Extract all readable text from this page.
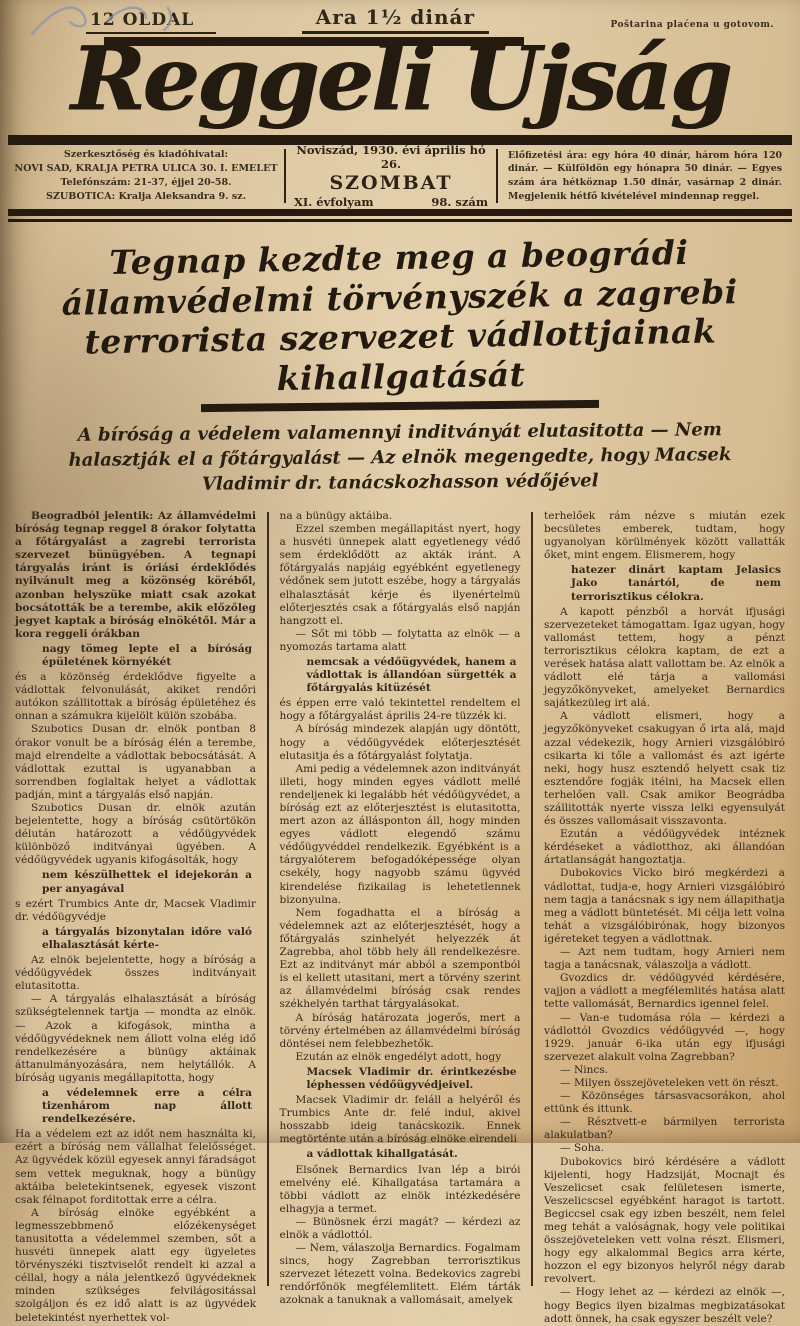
12 OLDAL	Ara 1½ dinár	Poštarina plaćena u gotovom.
Reggeli Ujság
Szerkesztőség és kiadóhivatal:
NOVI SAD, KRALJA PETRA ULICA 30. I. EMELET
Telefónszám: 21-37, éjjel 20-58.
SZUBOTICA: Kralja Aleksandra 9. sz.
Noviszád, 1930. évi április hó 26.
SZOMBAT
XI. évfolyam	98. szám
Előfizetési ára: egy hóra 40 dinár, három hóra 120 dinár. — Külföldön egy hónapra 50 dinár. — Egyes szám ára hétköznap 1.50 dinár, vasárnap 2 dinár. Megjelenik hétfő kivételével mindennap reggel.
Tegnap kezdte meg a beográdi államvédelmi törvényszék a zagrebi terrorista szervezet vádlottjainak kihallgatását
A bíróság a védelem valamennyi inditványát elutasitotta — Nem halasztják el a főtárgyalást — Az elnök megengedte, hogy Macsek Vladimir dr. tanácskozhasson védőjével

Beogradból jelentik: Az államvédelmi bíróság tegnap reggel 8 órakor folytatta a főtárgyalást a zagrebi terrorista szervezet bünügyében. A tegnapi tárgyalás iránt is óriási érdeklődés nyilvánult meg a közönség köréből, azonban helyszüke miatt csak azokat bocsátották be a terembe, akik előzőleg jegyet kaptak a bíróság elnökétől. Már a kora reggeli órákban

nagy tömeg lepte el a bíróság épületének környékét

és a közönség érdeklődve figyelte a vádlottak felvonulását, akiket rendőri autókon szállitottak a bíróság épületéhez és onnan a számukra kijelölt külön szobába.

Szubotics Dusan dr. elnök pontban 8 órakor vonult be a bíróság élén a terembe, majd elrendelte a vádlottak bebocsátását. A vádlottak ezuttal is ugyanabban a sorrendben foglaltak helyet a vádlottak padján, mint a tárgyalás első napján.

Szubotics Dusan dr. elnök azután bejelentette, hogy a bíróság csütörtökön délután határozott a védőügyvédek különböző inditványai ügyében. A védőügyvédek ugyanis kifogásolták, hogy

nem készülhettek el idejekorán a per anyagával

s ezért Trumbics Ante dr, Macsek Vladimir dr. védőügyvédje

a tárgyalás bizonytalan időre való elhalasztását kérte-

Az elnök bejelentette, hogy a bíróság a védőügyvédek összes inditványait elutasitotta.

— A tárgyalás elhalasztását a bíróság szükségtelennek tartja — mondta az elnök. — Azok a kifogások, mintha a védőügyvédeknek nem állott volna elég idő rendelkezésére a bünügy aktáinak áttanulmányozására, nem helytállók. A bíróság ugyanis megállapitotta, hogy

a védelemnek erre a célra tizenhárom nap állott rendelkezésére.

Ha a védelem ezt az időt nem használta ki, ezért a bíróság nem vállalhat felelősséget. Az ügyvédek közül egyesek annyi fáradságot sem vettek meguknak, hogy a bünügy aktáiba beletekintsenek, egyesek viszont csak félnapot forditottak erre a célra.

A bíróság elnöke egyébként a legmesszebbmenő előzékenységet tanusitotta a védelemmel szemben, sőt a husvéti ünnepek alatt egy ügyeletes törvényszéki tisztviselőt rendelt ki azzal a céllal, hogy a nála jelentkező ügyvédeknek minden szükséges felvilágositással szolgáljon és ez idő alatt is az ügyvédek beletekintést nyerhettek vol-

na a bünügy aktáiba.

Ezzel szemben megállapitást nyert, hogy a husvéti ünnepek alatt egyetlenegy védő sem érdeklődött az akták iránt. A főtárgyalás napjáig egyébként egyetlenegy védőnek sem jutott eszébe, hogy a tárgyalás elhalasztását kérje és ilyenértelmü előterjesztés csak a főtárgyalás első napján hangzott el.

— Sőt mi több — folytatta az elnök — a nyomozás tartama alatt

nemcsak a védőügyvédek, hanem a vádlottak is állandóan sürgették a főtárgyalás kitüzését

és éppen erre való tekintettel rendeltem el hogy a főtárgyalást április 24-re tüzzék ki.

A bíróság mindezek alapján ugy döntött, hogy a védőügyvédek előterjesztését elutasitja és a főtárgyalást folytatja.

Ami pedig a védelemnek azon inditványát illeti, hogy minden egyes vádlott mellé rendeljenek ki legalább hét védőügyvédet, a bíróság ezt az előterjesztést is elutasitotta, mert azon az állásponton áll, hogy minden egyes vádlott elegendő számu védőügyvéddel rendelkezik. Egyébként is a tárgyalóterem befogadóképessége olyan csekély, hogy nagyobb számu ügyvéd kirendelése fizikailag is lehetetlennek bizonyulna.

Nem fogadhatta el a bíróság a védelemnek azt az előterjesztését, hogy a főtárgyalás szinhelyét helyezzék át Zagrebba, ahol több hely áll rendelkezésre. Ezt az inditványt már abból a szempontból is el kellett utasitani, mert a törvény szerint az államvédelmi bíróság csak rendes székhelyén tarthat tárgyalásokat.

A bíróság határozata jogerős, mert a törvény értelmében az államvédelmi bíróság döntései nem felebbezhetők.

Ezután az elnök engedélyt adott, hogy

Macsek Vladimir dr. érintkezésbe léphessen védőügyvédjeivel.

Macsek Vladimir dr. feláll a helyéről és Trumbics Ante dr. felé indul, akivel hosszabb ideig tanácskozik. Ennek megtörténte után a bíróság elnöke elrendeli

a vádlottak kihallgatását.

Elsőnek Bernardics Ivan lép a birói emelvény elé. Kihallgatása tartamára a többi vádlott az elnök intézkedésére elhagyja a termet.

— Bünösnek érzi magát? — kérdezi az elnök a vádlottól.

— Nem, válaszolja Bernardics. Fogalmam sincs, hogy Zagrebban terrorisztikus szervezet létezett volna. Bedekovics zagrebi rendőrfőnök megfélemlitett. Elém tárták azoknak a tanuknak a vallomásait, amelyek

terhelőek rám nézve s miután ezek becsületes emberek, tudtam, hogy ugyanolyan körülmények között vallatták őket, mint engem. Elismerem, hogy

hatezer dinárt kaptam Jelasics Jako tanártól, de nem terrorisztikus célokra.

A kapott pénzből a horvát ifjusági szervezeteket támogattam. Igaz ugyan, hogy vallomást tettem, hogy a pénzt terrorisztikus célokra kaptam, de ezt a verések hatása alatt vallottam be. Az elnök a vádlott elé tárja a vallomási jegyzőkönyveket, amelyeket Bernardics sajátkezüleg irt alá.

A vádlott elismeri, hogy a jegyzőkönyveket csakugyan ő irta alá, majd azzal védekezik, hogy Arnieri vizsgálóbiró csikarta ki tőle a vallomást és azt igérte neki, hogy husz esztendő helyett csak tiz esztendőre fogják itélni, ha Macsek ellen terhelően vall. Csak amikor Beográdba szállitották nyerte vissza lelki egyensulyát és összes vallomásait visszavonta.

Ezután a védőügyvédek intéznek kérdéseket a vádlotthoz, aki állandóan ártatlanságát hangoztatja.

Dubokovics Vicko biró megkérdezi a vádlottat, tudja-e, hogy Arnieri vizsgálóbiró nem tagja a tanácsnak s igy nem állapithatja meg a vádlott büntetését. Mi célja lett volna tehát a vizsgálóbirónak, hogy bizonyos igéreteket tegyen a vádlottnak.

— Azt nem tudtam, hogy Arnieri nem tagja a tanácsnak, válaszolja a vádlott.

Gvozdics dr. védőügyvéd kérdésére, vajjon a vádlott a megfélemlités hatása alatt tette vallomását, Bernardics igennel felel.

— Van-e tudomása róla — kérdezi a vádlottól Gvozdics védőügyvéd —, hogy 1929. január 6-ika után egy ifjusági szervezet alakult volna Zagrebban?

— Nincs.

— Milyen összejöveteleken vett ön részt.

— Közönséges társasvacsorákon, ahol ettünk és ittunk.

— Résztvett-e bármilyen terrorista alakulatban?

— Soha.

Dubokovics biró kérdésére a vádlott kijelenti, hogy Hadzsiját, Mocnajt és Veszelicset csak felületesen ismerte, Veszelicscsel egyébként haragot is tartott. Begiccsel csak egy izben beszélt, nem felel meg tehát a valóságnak, hogy vele politikai összejöveteleken vett volna részt. Elismeri, hogy egy alkalommal Begics arra kérte, hozzon el egy bizonyos helyről négy darab revolvert.

— Hogy lehet az — kérdezi az elnök —, hogy Begics ilyen bizalmas megbizatásokat adott önnek, ha csak egyszer beszélt vele?
